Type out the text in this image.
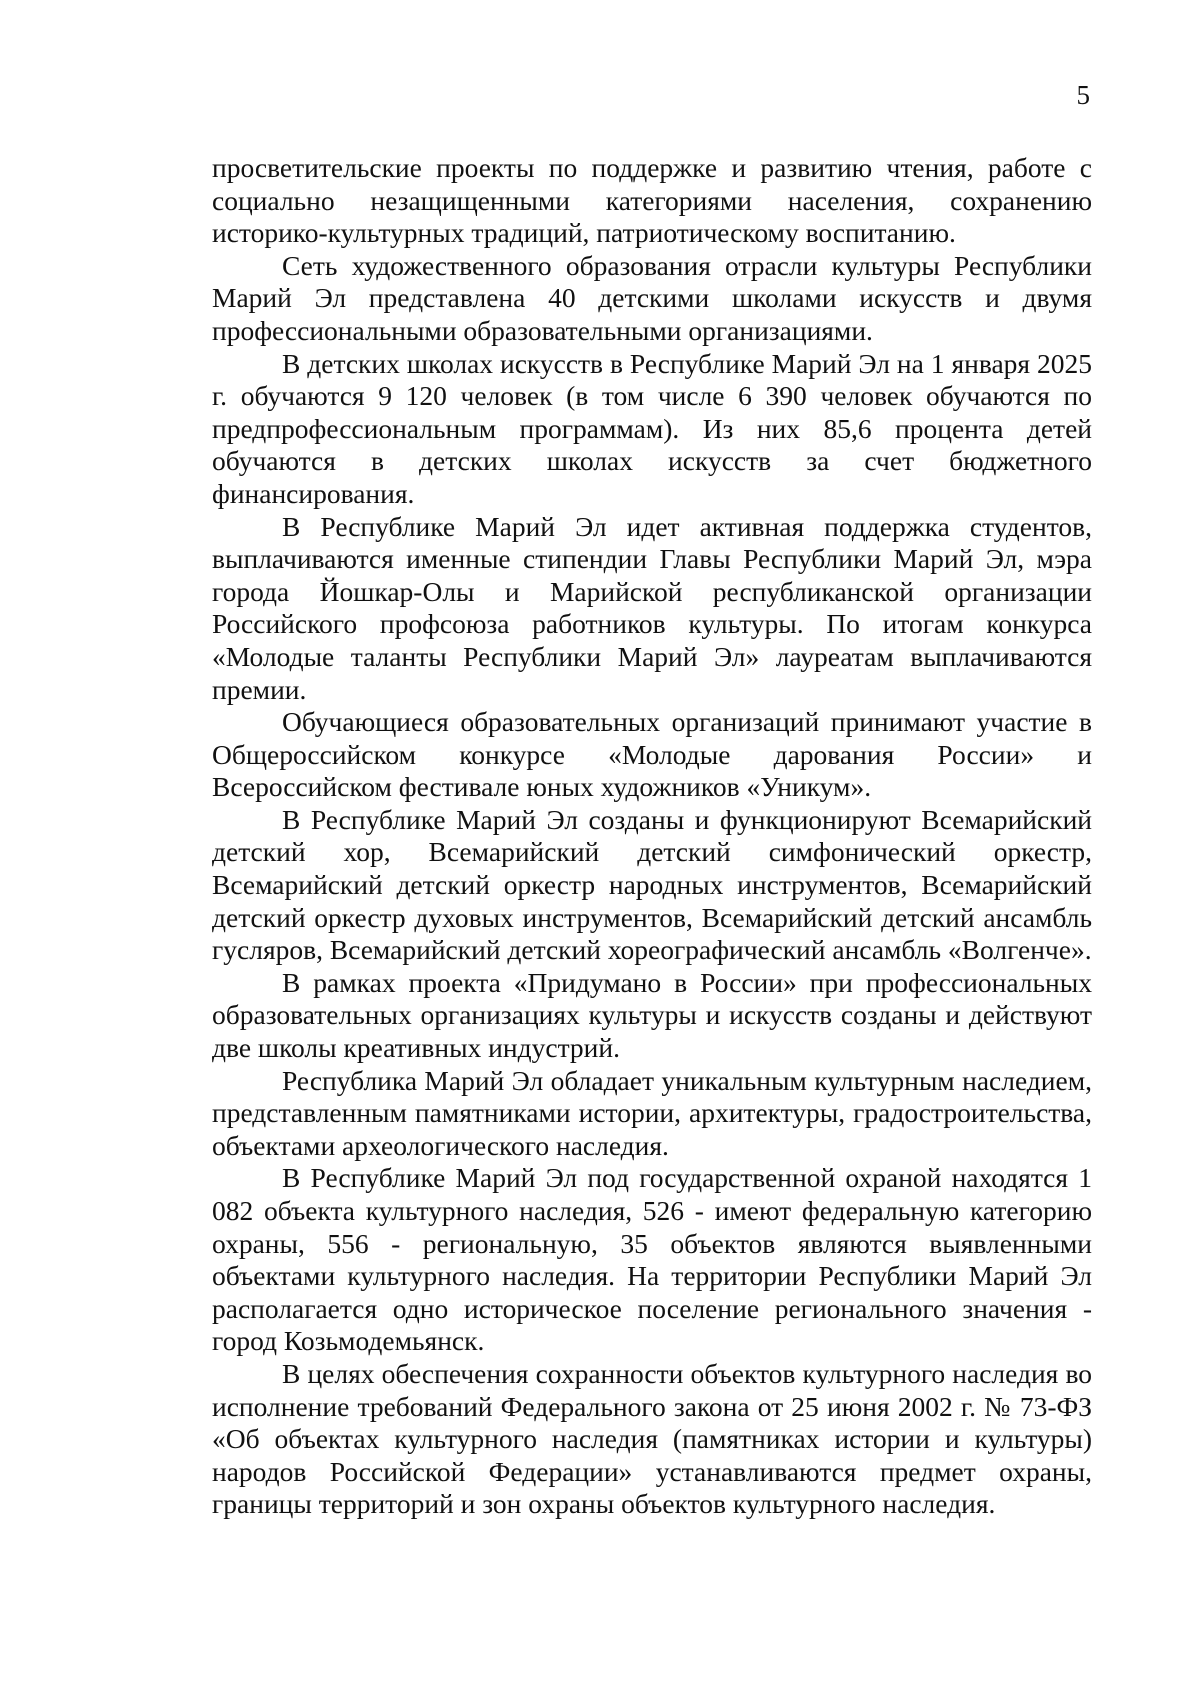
5

просветительские проекты по поддержке и развитию чтения, работе с социально незащищенными категориями населения, сохранению историко-культурных традиций, патриотическому воспитанию.

Сеть художественного образования отрасли культуры Республики Марий Эл представлена 40 детскими школами искусств и двумя профессиональными образовательными организациями.

В детских школах искусств в Республике Марий Эл на 1 января 2025 г. обучаются 9 120 человек (в том числе 6 390 человек обучаются по предпрофессиональным программам). Из них 85,6 процента детей обучаются в детских школах искусств за счет бюджетного финансирования.

В Республике Марий Эл идет активная поддержка студентов, выплачиваются именные стипендии Главы Республики Марий Эл, мэра города Йошкар-Олы и Марийской республиканской организации Российского профсоюза работников культуры. По итогам конкурса «Молодые таланты Республики Марий Эл» лауреатам выплачиваются премии.

Обучающиеся образовательных организаций принимают участие в Общероссийском конкурсе «Молодые дарования России» и Всероссийском фестивале юных художников «Уникум».

В Республике Марий Эл созданы и функционируют Всемарийский детский хор, Всемарийский детский симфонический оркестр, Всемарийский детский оркестр народных инструментов, Всемарийский детский оркестр духовых инструментов, Всемарийский детский ансамбль гусляров, Всемарийский детский хореографический ансамбль «Волгенче».

В рамках проекта «Придумано в России» при профессиональных образовательных организациях культуры и искусств созданы и действуют две школы креативных индустрий.

Республика Марий Эл обладает уникальным культурным наследием, представленным памятниками истории, архитектуры, градостроительства, объектами археологического наследия.

В Республике Марий Эл под государственной охраной находятся 1 082 объекта культурного наследия, 526 - имеют федеральную категорию охраны, 556 - региональную, 35 объектов являются выявленными объектами культурного наследия. На территории Республики Марий Эл располагается одно историческое поселение регионального значения - город Козьмодемьянск.

В целях обеспечения сохранности объектов культурного наследия во исполнение требований Федерального закона от 25 июня 2002 г. № 73-ФЗ «Об объектах культурного наследия (памятниках истории и культуры) народов Российской Федерации» устанавливаются предмет охраны, границы территорий и зон охраны объектов культурного наследия.
